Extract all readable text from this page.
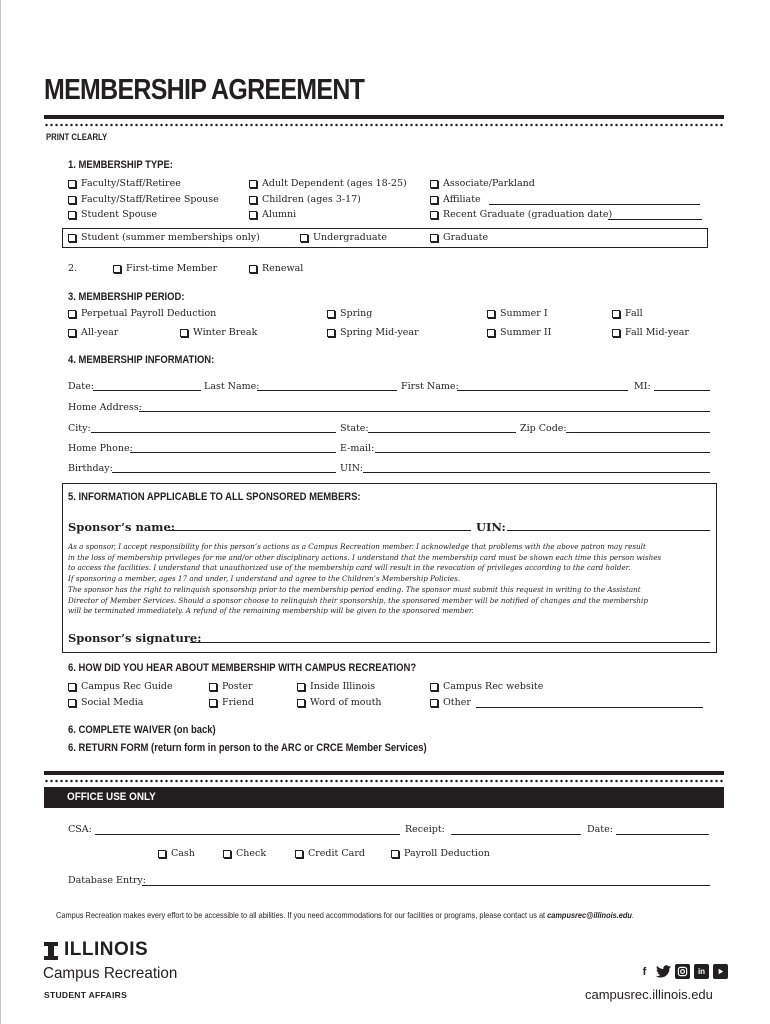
MEMBERSHIP AGREEMENT
PRINT CLEARLY
1. MEMBERSHIP TYPE:
Faculty/Staff/Retiree
Faculty/Staff/Retiree Spouse
Student Spouse
Adult Dependent (ages 18-25)
Children (ages 3-17)
Alumni
Associate/Parkland
Affiliate
Recent Graduate (graduation date)
Student (summer memberships only)	Undergraduate	Graduate
2.	First-time Member	Renewal
3. MEMBERSHIP PERIOD:
Perpetual Payroll Deduction	Spring	Summer I	Fall
All-year	Winter Break	Spring Mid-year	Summer II	Fall Mid-year
4. MEMBERSHIP INFORMATION:
Date:	Last Name:	First Name:	MI:
Home Address:
City:	State:	Zip Code:
Home Phone:	E-mail:
Birthday:	UIN:
5. INFORMATION APPLICABLE TO ALL SPONSORED MEMBERS:
Sponsor’s name:	UIN:
As a sponsor, I accept responsibility for this person’s actions as a Campus Recreation member. I acknowledge that problems with the above patron may result
in the loss of membership privileges for me and/or other disciplinary actions. I understand that the membership card must be shown each time this person wishes
to access the facilities. I understand that unauthorized use of the membership card will result in the revocation of privileges according to the card holder.
If sponsoring a member, ages 17 and under, I understand and agree to the Children’s Membership Policies.
The sponsor has the right to relinquish sponsorship prior to the membership period ending. The sponsor must submit this request in writing to the Assistant
Director of Member Services. Should a sponsor choose to relinquish their sponsorship, the sponsored member will be notified of changes and the membership
will be terminated immediately. A refund of the remaining membership will be given to the sponsored member.
Sponsor’s signature:
6. HOW DID YOU HEAR ABOUT MEMBERSHIP WITH CAMPUS RECREATION?
Campus Rec Guide
Social Media
Poster
Friend
Inside Illinois
Word of mouth
Campus Rec website
Other
6. COMPLETE WAIVER (on back)
6. RETURN FORM (return form in person to the ARC or CRCE Member Services)
OFFICE USE ONLY
CSA:	Receipt:	Date:
Cash	Check	Credit Card	Payroll Deduction
Database Entry:
Campus Recreation makes every effort to be accessible to all abilities. If you need accommodations for our facilities or programs, please contact us at campusrec@illinois.edu.
ILLINOIS
Campus Recreation
STUDENT AFFAIRS
f	in
campusrec.illinois.edu
